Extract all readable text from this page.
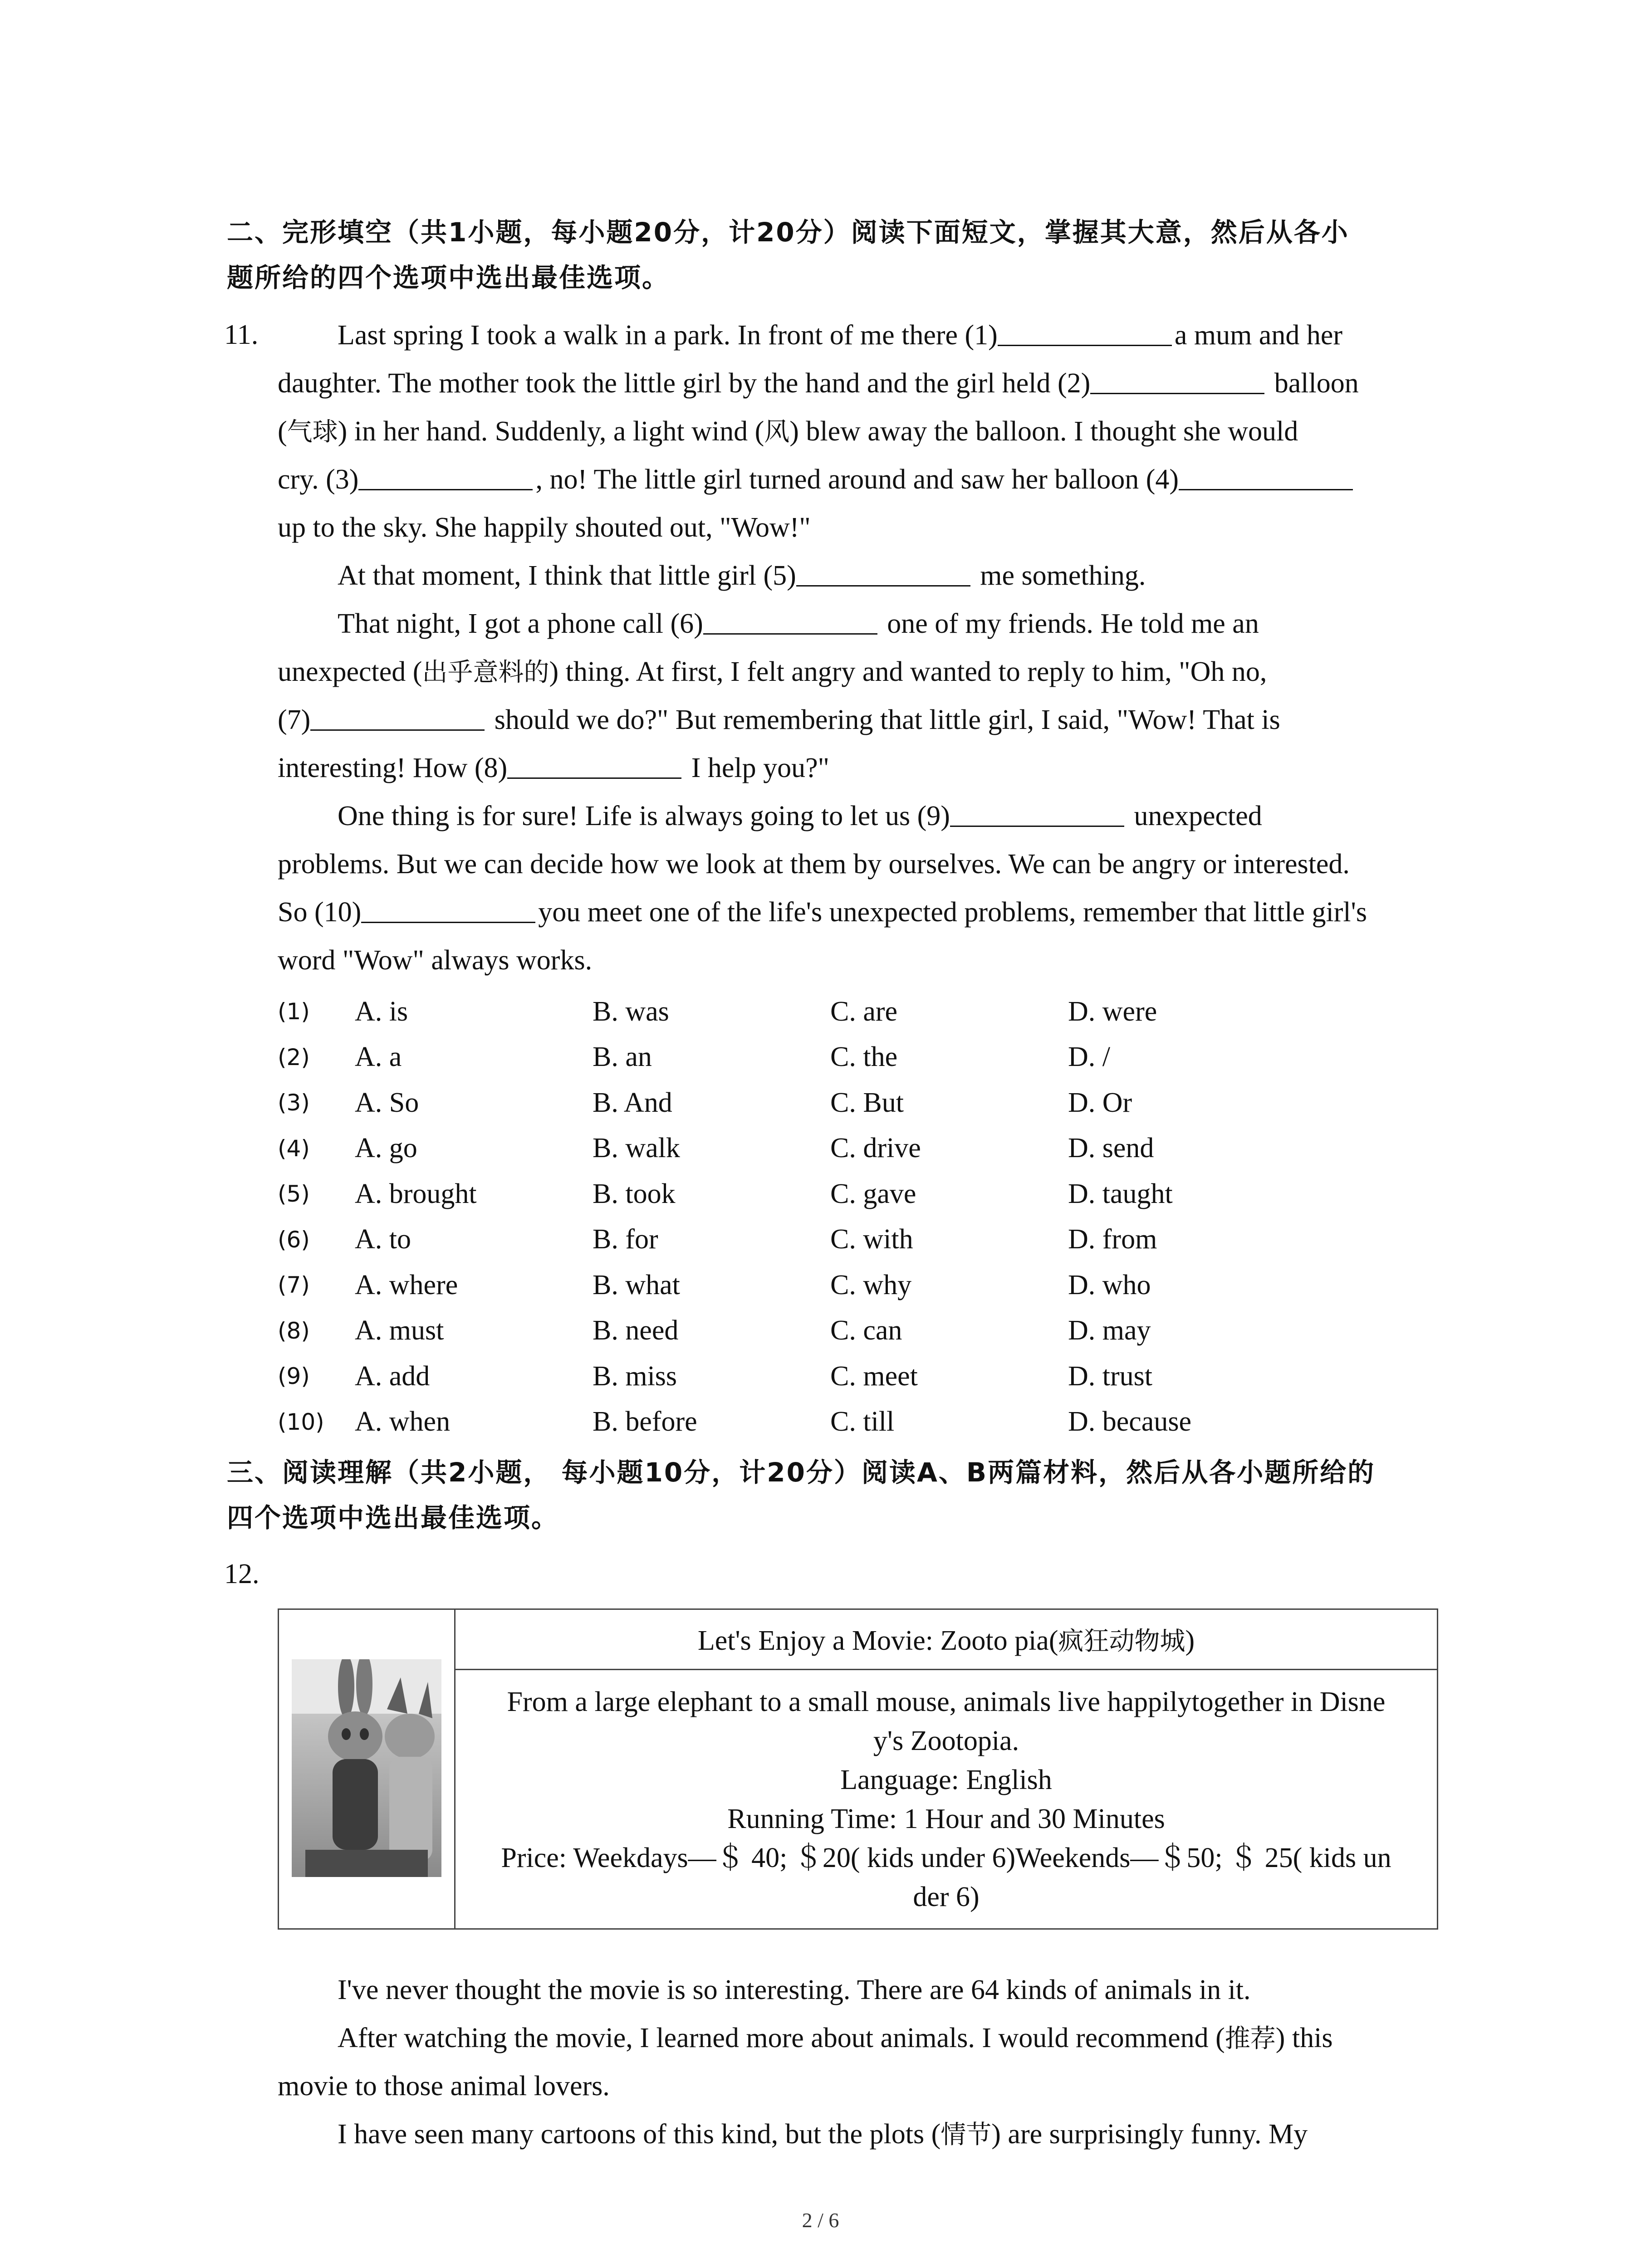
二、完形填空（共1小题，每小题20分，计20分）阅读下面短文，掌握其大意，然后从各小
题所给的四个选项中选出最佳选项。
11.	Last spring I took a walk in a park. In front of me there (1)	a mum and her
daughter. The mother took the little girl by the hand and the girl held (2)	balloon
(气球) in her hand. Suddenly, a light wind (风) blew away the balloon. I thought she would
cry. (3)	, no! The little girl turned around and saw her balloon (4)
up to the sky. She happily shouted out, "Wow!"
At that moment, I think that little girl (5)	me something.
That night, I got a phone call (6)	one of my friends. He told me an
unexpected (出乎意料的) thing. At first, I felt angry and wanted to reply to him, "Oh no,
(7)	should we do?" But remembering that little girl, I said, "Wow! That is
interesting! How (8)	I help you?"
One thing is for sure! Life is always going to let us (9)	unexpected
problems. But we can decide how we look at them by ourselves. We can be angry or interested.
So (10)	you meet one of the life's unexpected problems, remember that little girl's
word "Wow" always works.
(1)	A. is	B. was	C. are	D. were
(2)	A. a	B. an	C. the	D. /
(3)	A. So	B. And	C. But	D. Or
(4)	A. go	B. walk	C. drive	D. send
(5)	A. brought	B. took	C. gave	D. taught
(6)	A. to	B. for	C. with	D. from
(7)	A. where	B. what	C. why	D. who
(8)	A. must	B. need	C. can	D. may
(9)	A. add	B. miss	C. meet	D. trust
(10)	A. when	B. before	C. till	D. because
三、阅读理解（共2小题， 每小题10分，计20分）阅读A、B两篇材料，然后从各小题所给的
四个选项中选出最佳选项。
12.
	Let's Enjoy a Movie: Zooto pia(疯狂动物城)

From a large elephant to a small mouse, animals live happilytogether in Disne
y's Zootopia.
Language: English
Running Time: 1 Hour and 30 Minutes
Price: Weekdays—＄ 40; ＄20( kids under 6)Weekends—＄50; ＄ 25( kids un
der 6)
I've never thought the movie is so interesting. There are 64 kinds of animals in it.
After watching the movie, I learned more about animals. I would recommend (推荐) this
movie to those animal lovers.
I have seen many cartoons of this kind, but the plots (情节) are surprisingly funny. My
2 / 6
